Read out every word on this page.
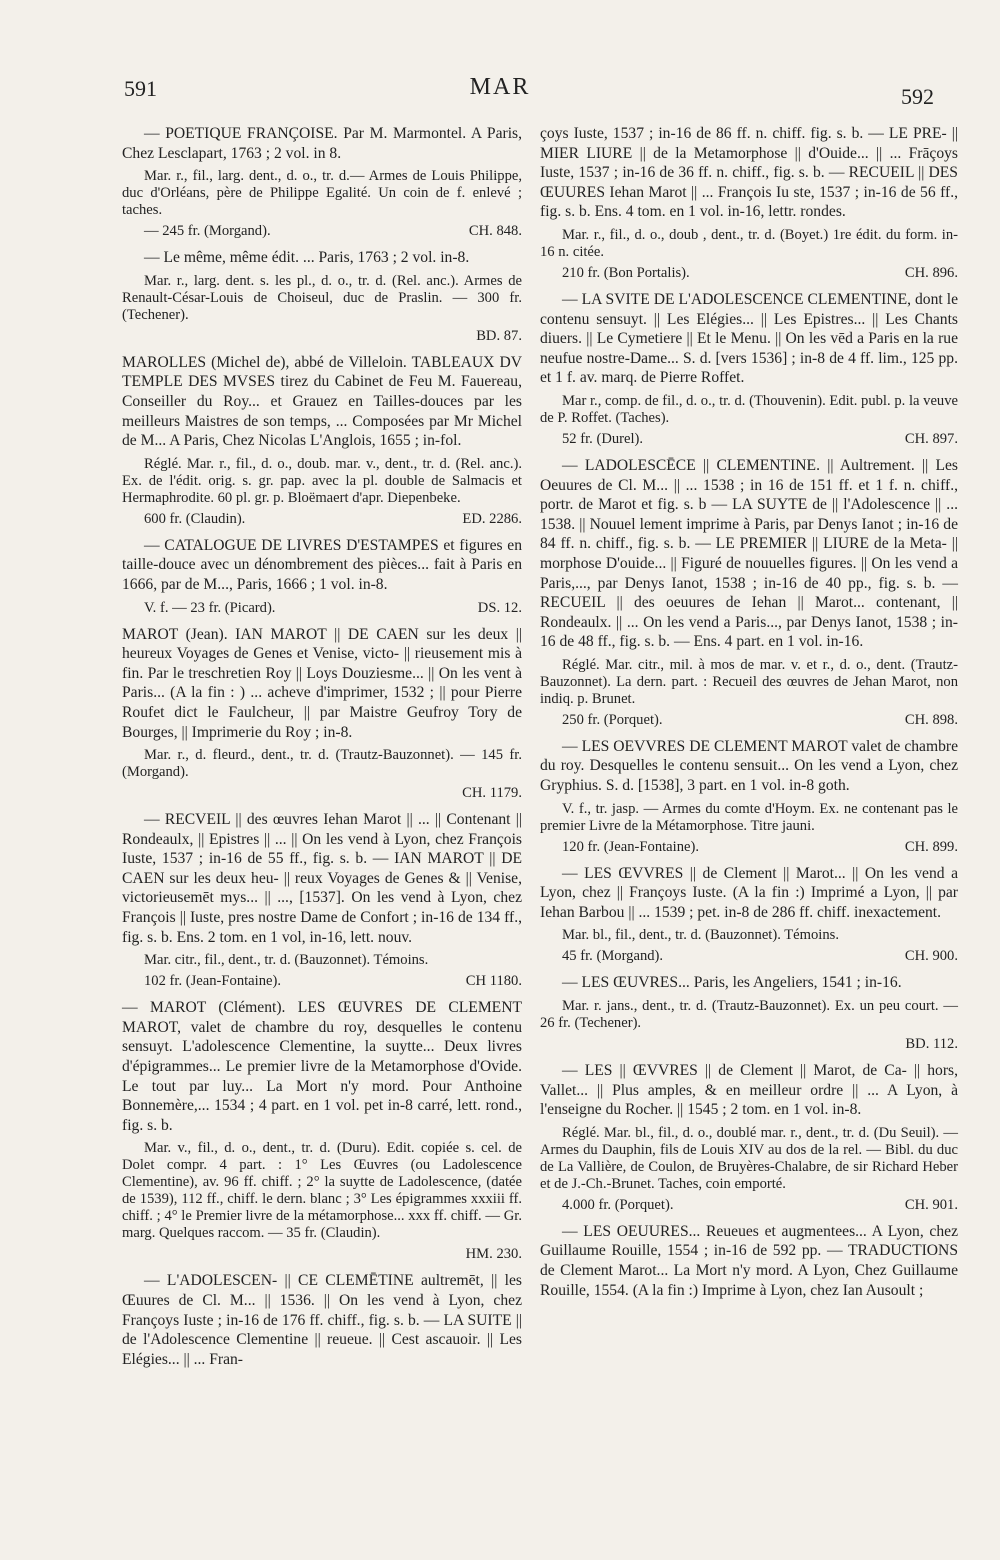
591	MAR	592

— POETIQUE FRANÇOISE. Par M. Marmontel. A Paris, Chez Lesclapart, 1763 ; 2 vol. in 8.

Mar. r., fil., larg. dent., d. o., tr. d.— Armes de Louis Philippe, duc d'Orléans, père de Philippe Egalité. Un coin de f. enlevé ; taches.

— 245 fr. (Morgand).	CH. 848.

— Le même, même édit. ... Paris, 1763 ; 2 vol. in-8.

Mar. r., larg. dent. s. les pl., d. o., tr. d. (Rel. anc.). Armes de Renault-César-Louis de Choiseul, duc de Praslin. — 300 fr. (Techener).

BD. 87.

MAROLLES (Michel de), abbé de Villeloin. TABLEAUX DV TEMPLE DES MVSES tirez du Cabinet de Feu M. Fauereau, Conseiller du Roy... et Grauez en Tailles-douces par les meilleurs Maistres de son temps, ... Composées par Mr Michel de M... A Paris, Chez Nicolas L'Anglois, 1655 ; in-fol.

Réglé. Mar. r., fil., d. o., doub. mar. v., dent., tr. d. (Rel. anc.). Ex. de l'édit. orig. s. gr. pap. avec la pl. double de Salmacis et Hermaphrodite. 60 pl. gr. p. Bloëmaert d'apr. Diepenbeke.

600 fr. (Claudin).	ED. 2286.

— CATALOGUE DE LIVRES D'ESTAMPES et figures en taille-douce avec un dénombrement des pièces... fait à Paris en 1666, par de M..., Paris, 1666 ; 1 vol. in-8.

V. f. — 23 fr. (Picard).	DS. 12.

MAROT (Jean). IAN MAROT || DE CAEN sur les deux || heureux Voyages de Genes et Venise, victo- || rieusement mis à fin. Par le treschretien Roy || Loys Douziesme... || On les vent à Paris... (A la fin : ) ... acheve d'imprimer, 1532 ; || pour Pierre Roufet dict le Faulcheur, || par Maistre Geufroy Tory de Bourges, || Imprimerie du Roy ; in-8.

Mar. r., d. fleurd., dent., tr. d. (Trautz-Bauzonnet). — 145 fr. (Morgand).

CH. 1179.

— RECVEIL || des œuvres Iehan Marot || ... || Contenant || Rondeaulx, || Epistres || ... || On les vend à Lyon, chez François Iuste, 1537 ; in-16 de 55 ff., fig. s. b. — IAN MAROT || DE CAEN sur les deux heu- || reux Voyages de Genes & || Venise, victorieusemēt mys... || ..., [1537]. On les vend à Lyon, chez François || Iuste, pres nostre Dame de Confort ; in-16 de 134 ff., fig. s. b. Ens. 2 tom. en 1 vol, in-16, lett. nouv.

Mar. citr., fil., dent., tr. d. (Bauzonnet). Témoins.

102 fr. (Jean-Fontaine).	CH 1180.

— MAROT (Clément). LES ŒUVRES DE CLEMENT MAROT, valet de chambre du roy, desquelles le contenu sensuyt. L'adolescence Clementine, la suytte... Deux livres d'épigrammes... Le premier livre de la Metamorphose d'Ovide. Le tout par luy... La Mort n'y mord. Pour Anthoine Bonnemère,... 1534 ; 4 part. en 1 vol. pet in-8 carré, lett. rond., fig. s. b.

Mar. v., fil., d. o., dent., tr. d. (Duru). Edit. copiée s. cel. de Dolet compr. 4 part. : 1° Les Œuvres (ou Ladolescence Clementine), av. 96 ff. chiff. ; 2° la suytte de Ladolescence, (datée de 1539), 112 ff., chiff. le dern. blanc ; 3° Les épigrammes xxxiii ff. chiff. ; 4° le Premier livre de la métamorphose... xxx ff. chiff. — Gr. marg. Quelques raccom. — 35 fr. (Claudin).

HM. 230.

— L'ADOLESCEN- || CE CLEMĒTINE aultremēt, || les Œuures de Cl. M... || 1536. || On les vend à Lyon, chez Françoys Iuste ; in-16 de 176 ff. chiff., fig. s. b. — LA SUITE || de l'Adolescence Clementine || reueue. || Cest ascauoir. || Les Elégies... || ... Fran-

çoys Iuste, 1537 ; in-16 de 86 ff. n. chiff. fig. s. b. — LE PRE- || MIER LIURE || de la Metamorphose || d'Ouide... || ... Frāçoys Iuste, 1537 ; in-16 de 36 ff. n. chiff., fig. s. b. — RECUEIL || DES ŒUURES Iehan Marot || ... François Iu ste, 1537 ; in-16 de 56 ff., fig. s. b. Ens. 4 tom. en 1 vol. in-16, lettr. rondes.

Mar. r., fil., d. o., doub , dent., tr. d. (Boyet.) 1re édit. du form. in-16 n. citée.

210 fr. (Bon Portalis).	CH. 896.

— LA SVITE DE L'ADOLESCENCE CLEMENTINE, dont le contenu sensuyt. || Les Elégies... || Les Epistres... || Les Chants diuers. || Le Cymetiere || Et le Menu. || On les vēd a Paris en la rue neufue nostre-Dame... S. d. [vers 1536] ; in-8 de 4 ff. lim., 125 pp. et 1 f. av. marq. de Pierre Roffet.

Mar r., comp. de fil., d. o., tr. d. (Thouvenin). Edit. publ. p. la veuve de P. Roffet. (Taches).

52 fr. (Durel).	CH. 897.

— LADOLESCĒCE || CLEMENTINE. || Aultrement. || Les Oeuures de Cl. M... || ... 1538 ; in 16 de 151 ff. et 1 f. n. chiff., portr. de Marot et fig. s. b — LA SUYTE de || l'Adolescence || ... 1538. || Nouuel lement imprime à Paris, par Denys Ianot ; in-16 de 84 ff. n. chiff., fig. s. b. — LE PREMIER || LIURE de la Meta- || morphose D'ouide... || Figuré de nouuelles figures. || On les vend a Paris,..., par Denys Ianot, 1538 ; in-16 de 40 pp., fig. s. b. — RECUEIL || des oeuures de Iehan || Marot... contenant, || Rondeaulx. || ... On les vend a Paris..., par Denys Ianot, 1538 ; in-16 de 48 ff., fig. s. b. — Ens. 4 part. en 1 vol. in-16.

Réglé. Mar. citr., mil. à mos de mar. v. et r., d. o., dent. (Trautz-Bauzonnet). La dern. part. : Recueil des œuvres de Jehan Marot, non indiq. p. Brunet.

250 fr. (Porquet).	CH. 898.

— LES OEVVRES DE CLEMENT MAROT valet de chambre du roy. Desquelles le contenu sensuit... On les vend a Lyon, chez Gryphius. S. d. [1538], 3 part. en 1 vol. in-8 goth.

V. f., tr. jasp. — Armes du comte d'Hoym. Ex. ne contenant pas le premier Livre de la Métamorphose. Titre jauni.

120 fr. (Jean-Fontaine).	CH. 899.

— LES ŒVVRES || de Clement || Marot... || On les vend a Lyon, chez || Françoys Iuste. (A la fin :) Imprimé a Lyon, || par Iehan Barbou || ... 1539 ; pet. in-8 de 286 ff. chiff. inexactement.

Mar. bl., fil., dent., tr. d. (Bauzonnet). Témoins.

45 fr. (Morgand).	CH. 900.

— LES ŒUVRES... Paris, les Angeliers, 1541 ; in-16.

Mar. r. jans., dent., tr. d. (Trautz-Bauzonnet). Ex. un peu court. — 26 fr. (Techener).

BD. 112.

— LES || ŒVVRES || de Clement || Marot, de Ca- || hors, Vallet... || Plus amples, & en meilleur ordre || ... A Lyon, à l'enseigne du Rocher. || 1545 ; 2 tom. en 1 vol. in-8.

Réglé. Mar. bl., fil., d. o., doublé mar. r., dent., tr. d. (Du Seuil). — Armes du Dauphin, fils de Louis XIV au dos de la rel. — Bibl. du duc de La Vallière, de Coulon, de Bruyères-Chalabre, de sir Richard Heber et de J.-Ch.-Brunet. Taches, coin emporté.

4.000 fr. (Porquet).	CH. 901.

— LES OEUURES... Reueues et augmentees... A Lyon, chez Guillaume Rouille, 1554 ; in-16 de 592 pp. — TRADUCTIONS de Clement Marot... La Mort n'y mord. A Lyon, Chez Guillaume Rouille, 1554. (A la fin :) Imprime à Lyon, chez Ian Ausoult ;
